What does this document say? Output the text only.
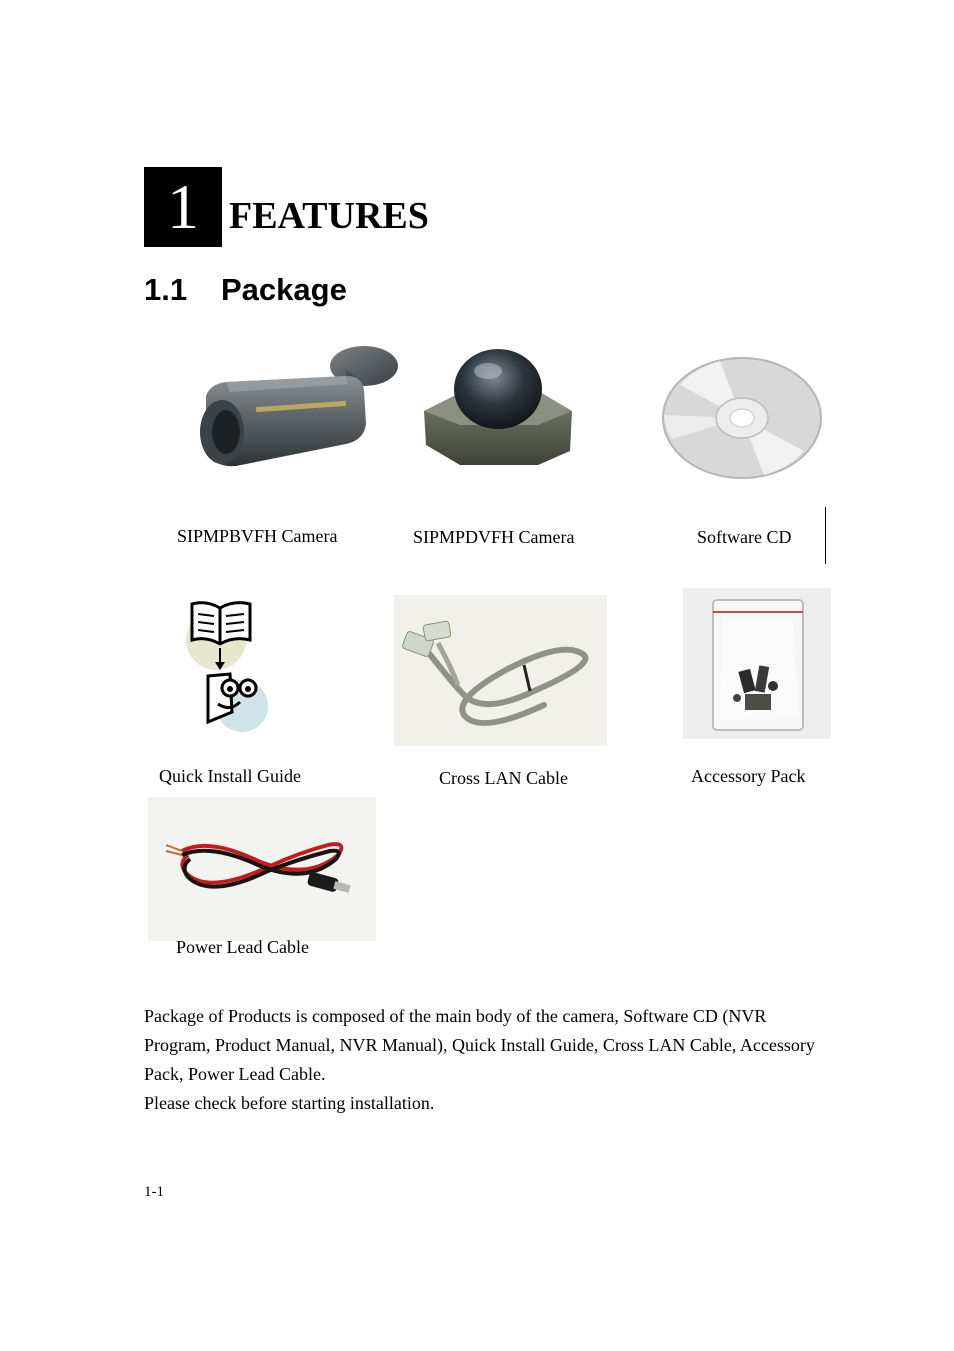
1 FEATURES
1.1 Package
SIPMPBVFH Camera	SIPMPDVFH Camera	Software CD
Quick Install Guide	Cross LAN Cable	Accessory Pack
Power Lead Cable

Package of Products is composed of the main body of the camera, Software CD (NVR Program, Product Manual, NVR Manual), Quick Install Guide, Cross LAN Cable, Accessory Pack, Power Lead Cable.

Please check before starting installation.

1-1
